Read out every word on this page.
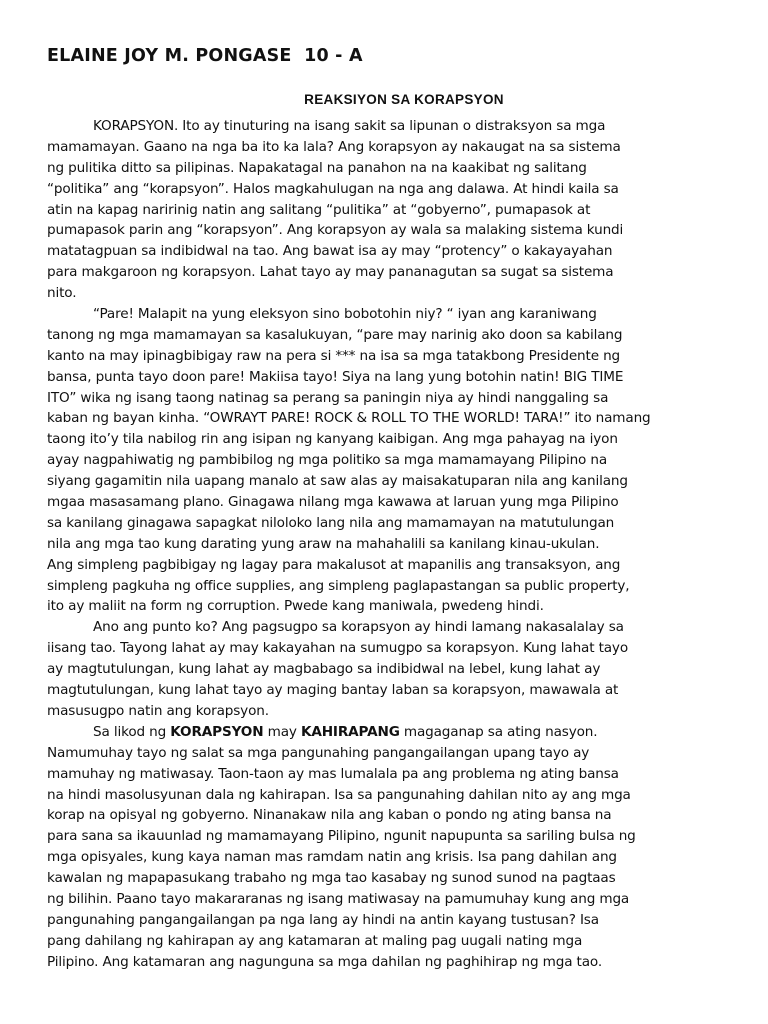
ELAINE JOY M. PONGASE  10 - A
REAKSIYON SA KORAPSYON
KORAPSYON. Ito ay tinuturing na isang sakit sa lipunan o distraksyon sa mga
mamamayan. Gaano na nga ba ito ka lala? Ang korapsyon ay nakaugat na sa sistema
ng pulitika ditto sa pilipinas. Napakatagal na panahon na na kaakibat ng salitang
“politika” ang “korapsyon”. Halos magkahulugan na nga ang dalawa. At hindi kaila sa
atin na kapag naririnig natin ang salitang “pulitika” at “gobyerno”, pumapasok at
pumapasok parin ang “korapsyon”. Ang korapsyon ay wala sa malaking sistema kundi
matatagpuan sa indibidwal na tao. Ang bawat isa ay may “protency” o kakayayahan
para makgaroon ng korapsyon. Lahat tayo ay may pananagutan sa sugat sa sistema
nito.
“Pare! Malapit na yung eleksyon sino bobotohin niy? “ iyan ang karaniwang
tanong ng mga mamamayan sa kasalukuyan, “pare may narinig ako doon sa kabilang
kanto na may ipinagbibigay raw na pera si *** na isa sa mga tatakbong Presidente ng
bansa, punta tayo doon pare! Makiisa tayo! Siya na lang yung botohin natin! BIG TIME
ITO” wika ng isang taong natinag sa perang sa paningin niya ay hindi nanggaling sa
kaban ng bayan kinha. “OWRAYT PARE! ROCK & ROLL TO THE WORLD! TARA!” ito namang
taong ito’y tila nabilog rin ang isipan ng kanyang kaibigan. Ang mga pahayag na iyon
ayay nagpahiwatig ng pambibilog ng mga politiko sa mga mamamayang Pilipino na
siyang gagamitin nila uapang manalo at saw alas ay maisakatuparan nila ang kanilang
mgaa masasamang plano. Ginagawa nilang mga kawawa at laruan yung mga Pilipino
sa kanilang ginagawa sapagkat niloloko lang nila ang mamamayan na matutulungan
nila ang mga tao kung darating yung araw na mahahalili sa kanilang kinau-ukulan.
Ang simpleng pagbibigay ng lagay para makalusot at mapanilis ang transaksyon, ang
simpleng pagkuha ng office supplies, ang simpleng paglapastangan sa public property,
ito ay maliit na form ng corruption. Pwede kang maniwala, pwedeng hindi.
Ano ang punto ko? Ang pagsugpo sa korapsyon ay hindi lamang nakasalalay sa
iisang tao. Tayong lahat ay may kakayahan na sumugpo sa korapsyon. Kung lahat tayo
ay magtutulungan, kung lahat ay magbabago sa indibidwal na lebel, kung lahat ay
magtutulungan, kung lahat tayo ay maging bantay laban sa korapsyon, mawawala at
masusugpo natin ang korapsyon.
Sa likod ng KORAPSYON may KAHIRAPANG magaganap sa ating nasyon.
Namumuhay tayo ng salat sa mga pangunahing pangangailangan upang tayo ay
mamuhay ng matiwasay. Taon-taon ay mas lumalala pa ang problema ng ating bansa
na hindi masolusyunan dala ng kahirapan. Isa sa pangunahing dahilan nito ay ang mga
korap na opisyal ng gobyerno. Ninanakaw nila ang kaban o pondo ng ating bansa na
para sana sa ikauunlad ng mamamayang Pilipino, ngunit napupunta sa sariling bulsa ng
mga opisyales, kung kaya naman mas ramdam natin ang krisis. Isa pang dahilan ang
kawalan ng mapapasukang trabaho ng mga tao kasabay ng sunod sunod na pagtaas
ng bilihin. Paano tayo makararanas ng isang matiwasay na pamumuhay kung ang mga
pangunahing pangangailangan pa nga lang ay hindi na antin kayang tustusan? Isa
pang dahilang ng kahirapan ay ang katamaran at maling pag uugali nating mga
Pilipino. Ang katamaran ang nagunguna sa mga dahilan ng paghihirap ng mga tao.
